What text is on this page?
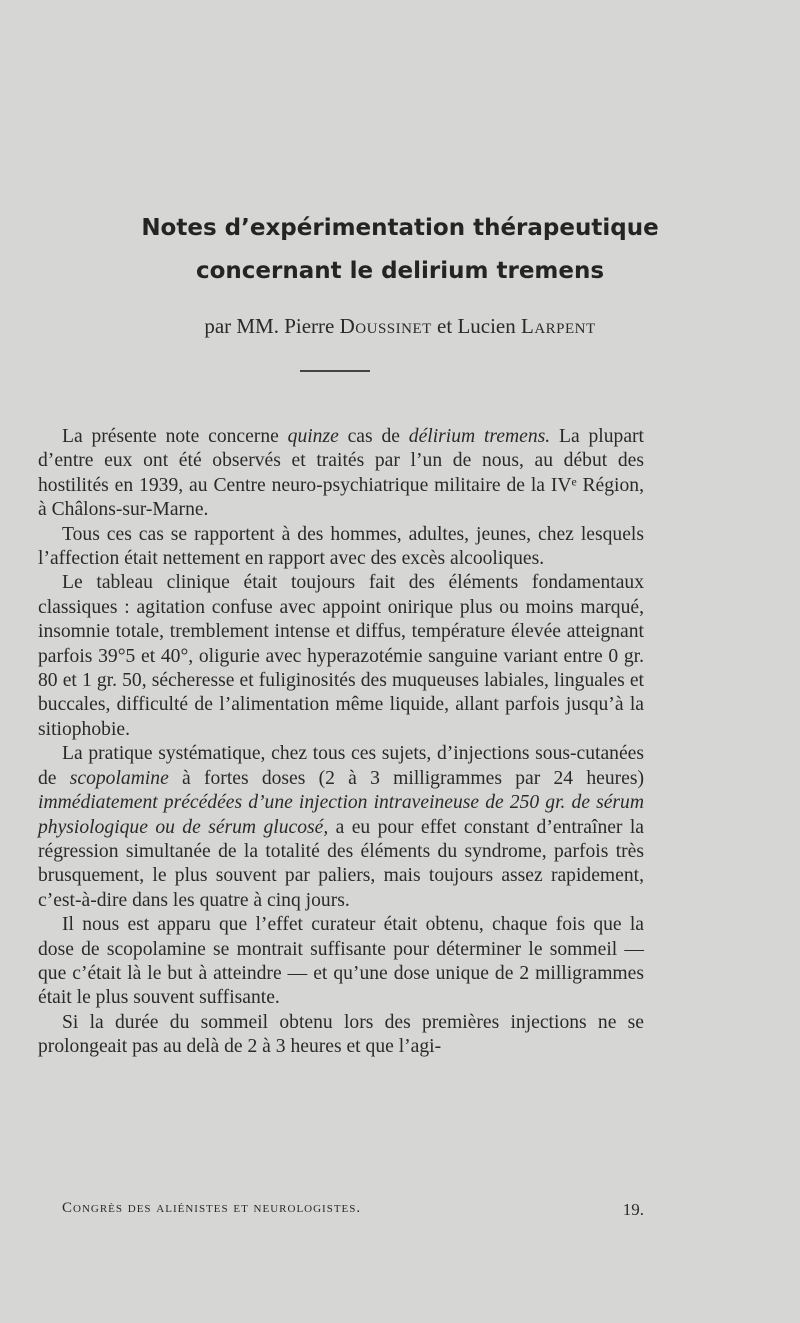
Notes d’expérimentation thérapeutique
concernant le delirium tremens
par MM. Pierre Doussinet et Lucien Larpent

La présente note concerne quinze cas de délirium tremens. La plupart d’entre eux ont été observés et traités par l’un de nous, au début des hostilités en 1939, au Centre neuro-psychiatrique militaire de la IVᵉ Région, à Châlons-sur-Marne.

Tous ces cas se rapportent à des hommes, adultes, jeunes, chez lesquels l’affection était nettement en rapport avec des excès alcooliques.

Le tableau clinique était toujours fait des éléments fondamentaux classiques : agitation confuse avec appoint onirique plus ou moins marqué, insomnie totale, tremblement intense et diffus, température élevée atteignant parfois 39°5 et 40°, oligurie avec hyperazotémie sanguine variant entre 0 gr. 80 et 1 gr. 50, sécheresse et fuliginosités des muqueuses labiales, linguales et buccales, difficulté de l’alimentation même liquide, allant parfois jusqu’à la sitiophobie.

La pratique systématique, chez tous ces sujets, d’injections sous-cutanées de scopolamine à fortes doses (2 à 3 milligrammes par 24 heures) immédiatement précédées d’une injection intraveineuse de 250 gr. de sérum physiologique ou de sérum glucosé, a eu pour effet constant d’entraîner la régression simultanée de la totalité des éléments du syndrome, parfois très brusquement, le plus souvent par paliers, mais toujours assez rapidement, c’est-à-dire dans les quatre à cinq jours.

Il nous est apparu que l’effet curateur était obtenu, chaque fois que la dose de scopolamine se montrait suffisante pour déterminer le sommeil — que c’était là le but à atteindre — et qu’une dose unique de 2 milligrammes était le plus souvent suffisante.

Si la durée du sommeil obtenu lors des premières injections ne se prolongeait pas au delà de 2 à 3 heures et que l’agi-

Congrès des aliénistes et neurologistes.	19.
